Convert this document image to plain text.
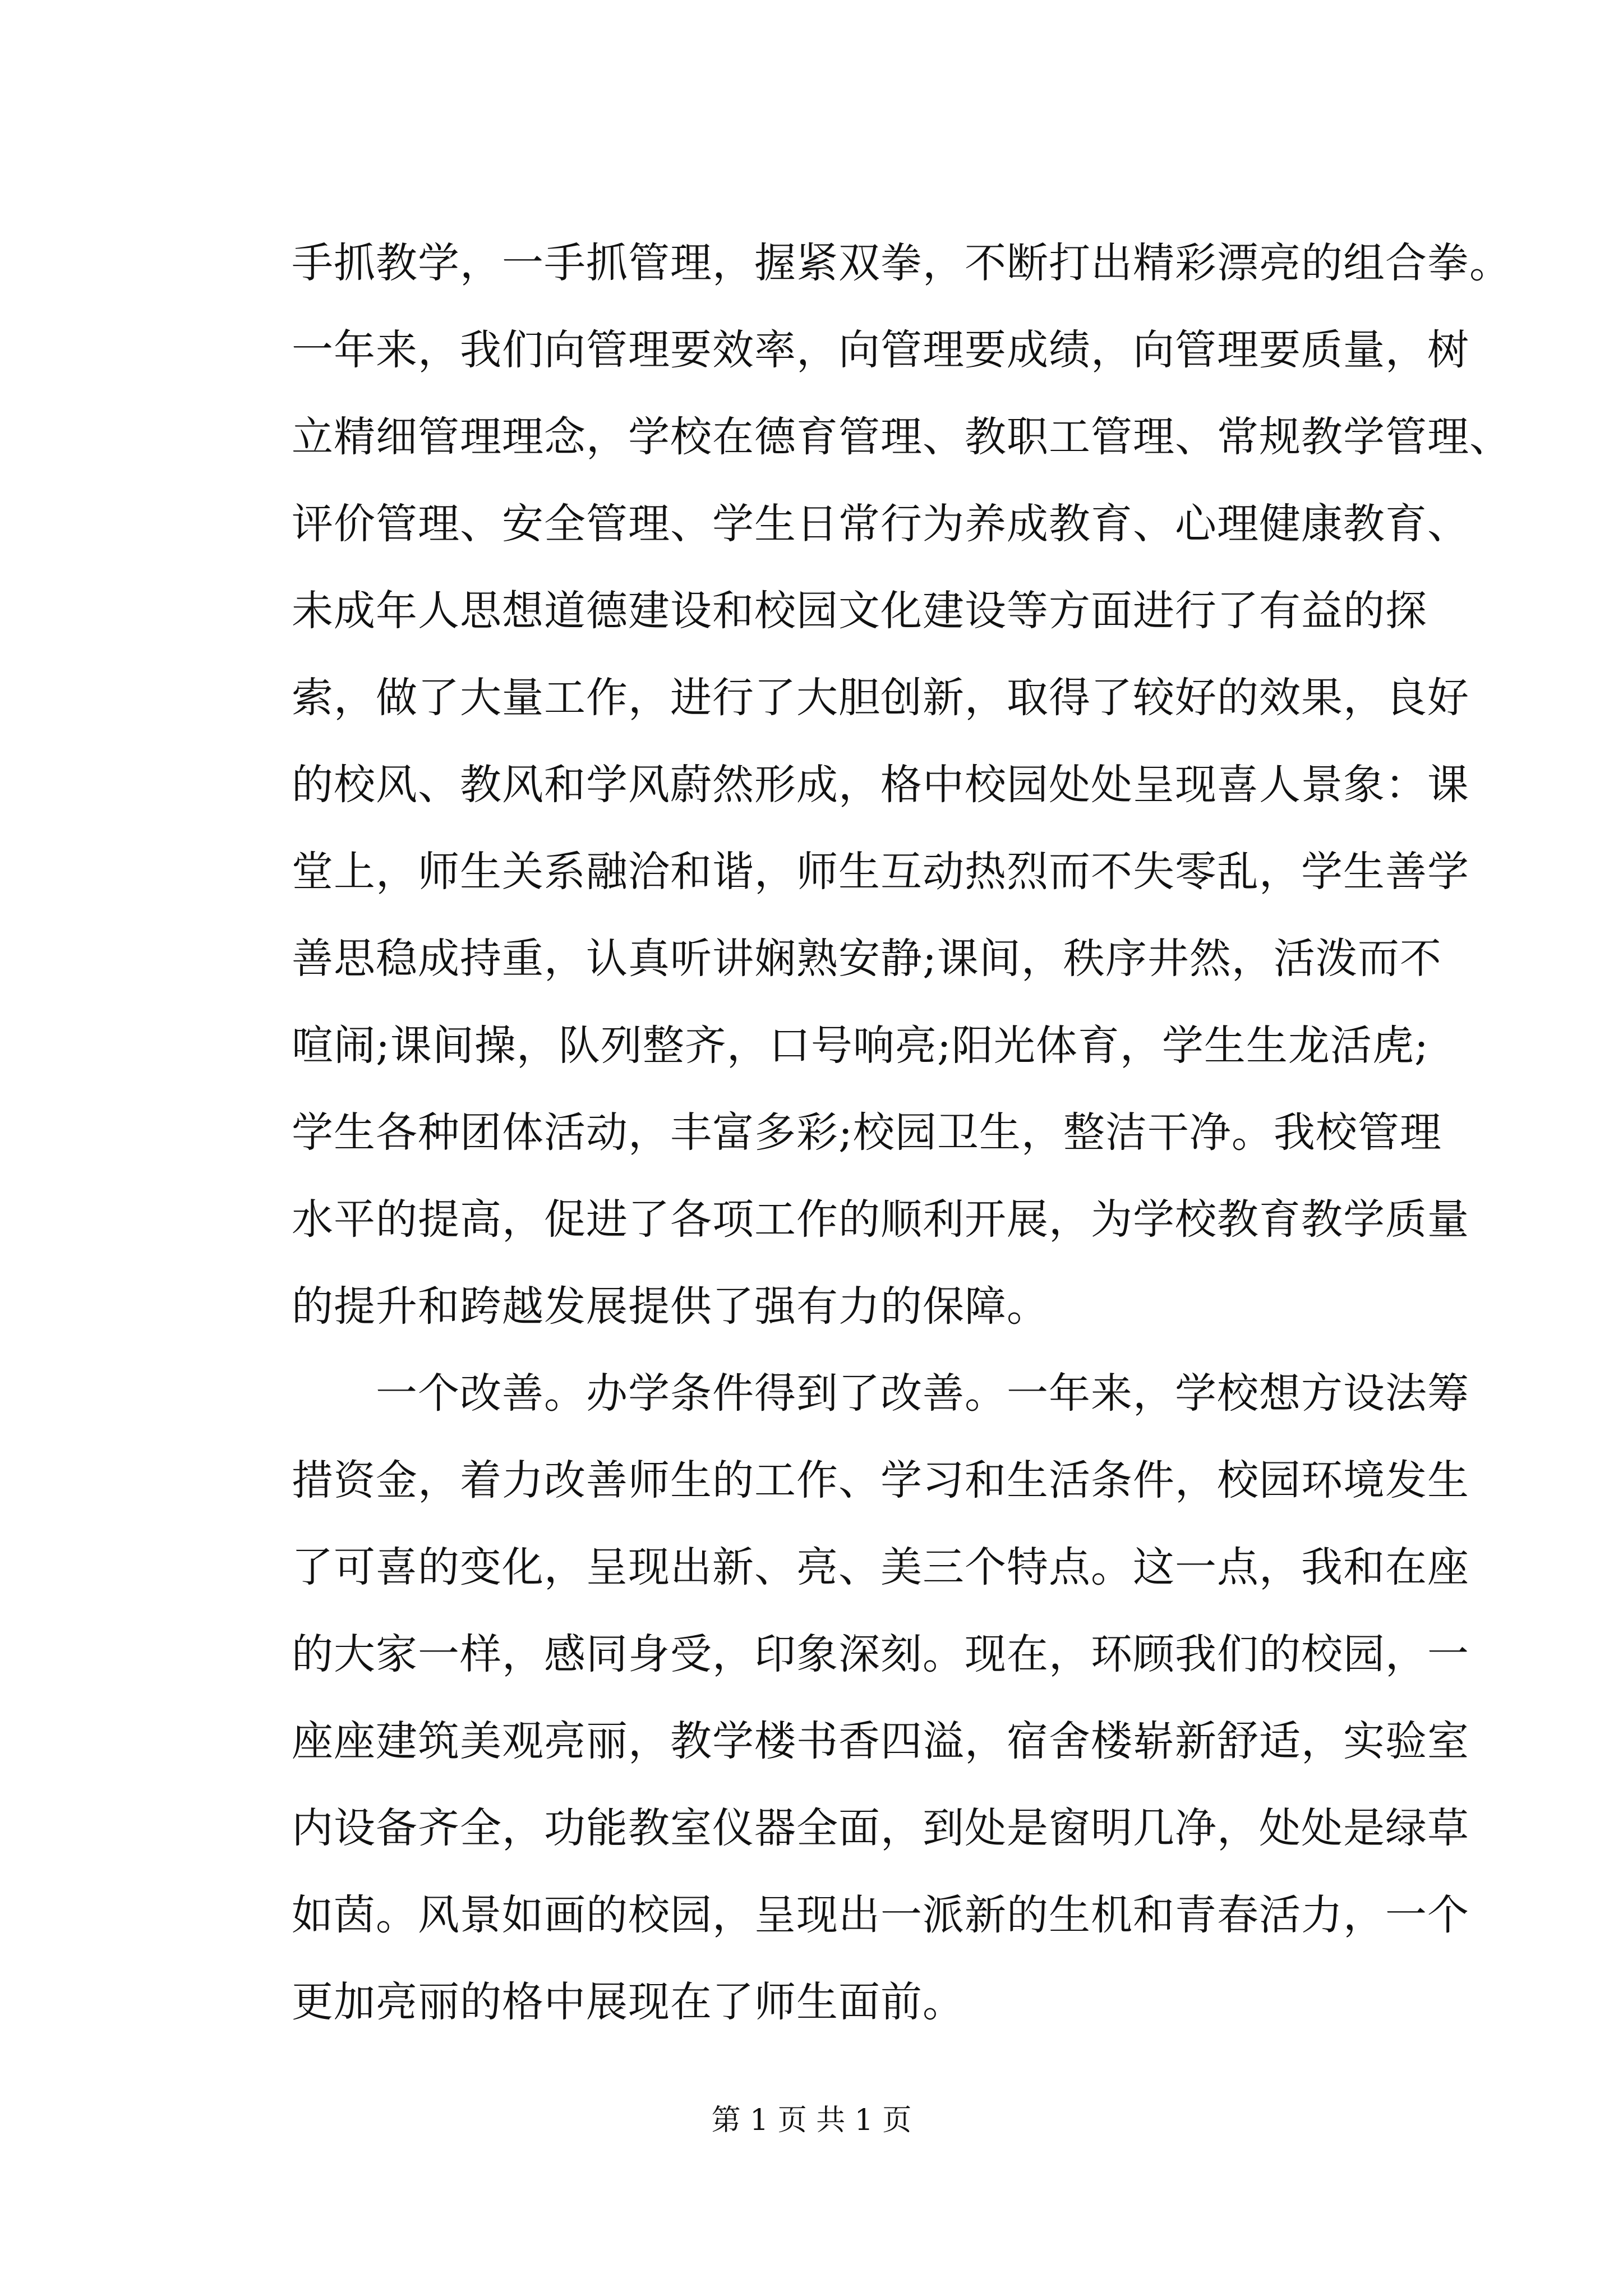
手抓教学，一手抓管理，握紧双拳，不断打出精彩漂亮的组合拳。
一年来，我们向管理要效率，向管理要成绩，向管理要质量，树
立精细管理理念，学校在德育管理、教职工管理、常规教学管理、
评价管理、安全管理、学生日常行为养成教育、心理健康教育、
未成年人思想道德建设和校园文化建设等方面进行了有益的探
索，做了大量工作，进行了大胆创新，取得了较好的效果，良好
的校风、教风和学风蔚然形成，格中校园处处呈现喜人景象：课
堂上，师生关系融洽和谐，师生互动热烈而不失零乱，学生善学
善思稳成持重，认真听讲娴熟安静;课间，秩序井然，活泼而不
喧闹;课间操，队列整齐，口号响亮;阳光体育，学生生龙活虎;
学生各种团体活动，丰富多彩;校园卫生，整洁干净。我校管理
水平的提高，促进了各项工作的顺利开展，为学校教育教学质量
的提升和跨越发展提供了强有力的保障。
　　一个改善。办学条件得到了改善。一年来，学校想方设法筹
措资金，着力改善师生的工作、学习和生活条件，校园环境发生
了可喜的变化，呈现出新、亮、美三个特点。这一点，我和在座
的大家一样，感同身受，印象深刻。现在，环顾我们的校园，一
座座建筑美观亮丽，教学楼书香四溢，宿舍楼崭新舒适，实验室
内设备齐全，功能教室仪器全面，到处是窗明几净，处处是绿草
如茵。风景如画的校园，呈现出一派新的生机和青春活力，一个
更加亮丽的格中展现在了师生面前。
第 1 页 共 1 页
